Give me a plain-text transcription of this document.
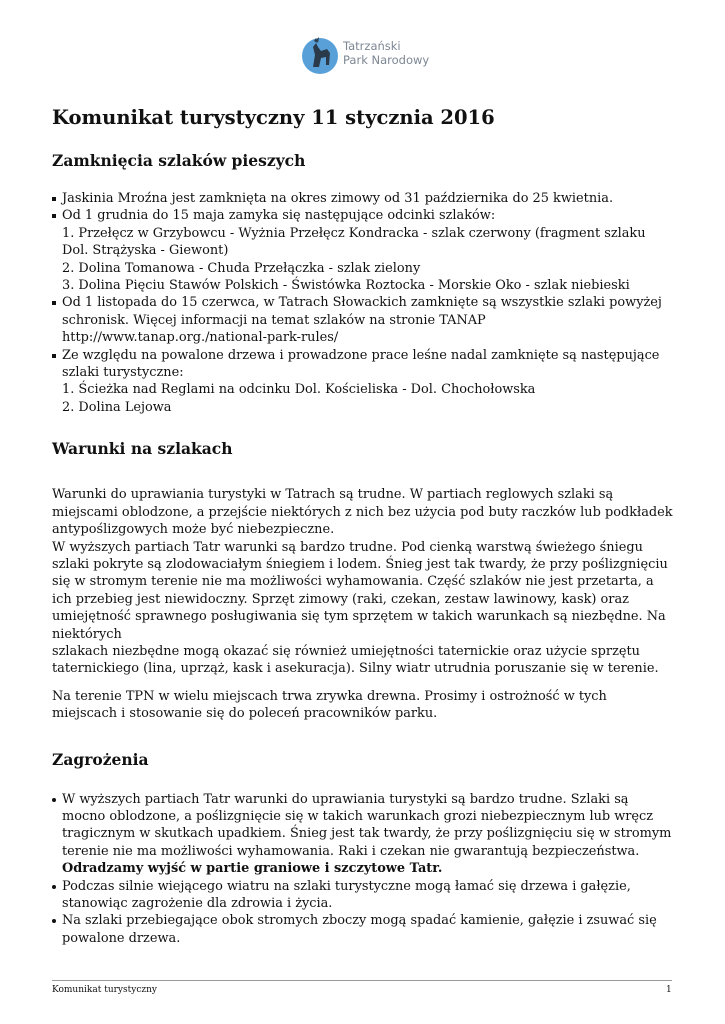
Tatrzański
Park Narodowy
Komunikat turystyczny 11 stycznia 2016
Zamknięcia szlaków pieszych
Jaskinia Mroźna jest zamknięta na okres zimowy od 31 października do 25 kwietnia.
Od 1 grudnia do 15 maja zamyka się następujące odcinki szlaków:
1. Przełęcz w Grzybowcu - Wyżnia Przełęcz Kondracka - szlak czerwony (fragment szlaku Dol. Strążyska - Giewont)
2. Dolina Tomanowa - Chuda Przełączka - szlak zielony
3. Dolina Pięciu Stawów Polskich - Świstówka Roztocka - Morskie Oko - szlak niebieski
Od 1 listopada do 15 czerwca, w Tatrach Słowackich zamknięte są wszystkie szlaki powyżej schronisk. Więcej informacji na temat szlaków na stronie TANAP http://www.tanap.org./national-park-rules/
Ze względu na powalone drzewa i prowadzone prace leśne nadal zamknięte są następujące szlaki turystyczne:
1. Ścieżka nad Reglami na odcinku Dol. Kościeliska - Dol. Chochołowska
2. Dolina Lejowa
Warunki na szlakach

Warunki do uprawiania turystyki w Tatrach są trudne. W partiach reglowych szlaki są miejscami oblodzone, a przejście niektórych z nich bez użycia pod buty raczków lub podkładek antypoślizgowych może być niebezpieczne.
W wyższych partiach Tatr warunki są bardzo trudne. Pod cienką warstwą świeżego śniegu szlaki pokryte są zlodowaciałym śniegiem i lodem. Śnieg jest tak twardy, że przy poślizgnięciu się w stromym terenie nie ma możliwości wyhamowania. Część szlaków nie jest przetarta, a ich przebieg jest niewidoczny. Sprzęt zimowy (raki, czekan, zestaw lawinowy, kask) oraz umiejętność sprawnego posługiwania się tym sprzętem w takich warunkach są niezbędne. Na niektórych
szlakach niezbędne mogą okazać się również umiejętności taternickie oraz użycie sprzętu taternickiego (lina, uprząż, kask i asekuracja). Silny wiatr utrudnia poruszanie się w terenie.

Na terenie TPN w wielu miejscach trwa zrywka drewna. Prosimy i ostrożność w tych miejscach i stosowanie się do poleceń pracowników parku.

Zagrożenia
W wyższych partiach Tatr warunki do uprawiania turystyki są bardzo trudne. Szlaki są mocno oblodzone, a poślizgnięcie się w takich warunkach grozi niebezpiecznym lub wręcz tragicznym w skutkach upadkiem. Śnieg jest tak twardy, że przy poślizgnięciu się w stromym terenie nie ma możliwości wyhamowania. Raki i czekan nie gwarantują bezpieczeństwa. Odradzamy wyjść w partie graniowe i szczytowe Tatr.
Podczas silnie wiejącego wiatru na szlaki turystyczne mogą łamać się drzewa i gałęzie, stanowiąc zagrożenie dla zdrowia i życia.
Na szlaki przebiegające obok stromych zboczy mogą spadać kamienie, gałęzie i zsuwać się powalone drzewa.
Komunikat turystyczny	1
